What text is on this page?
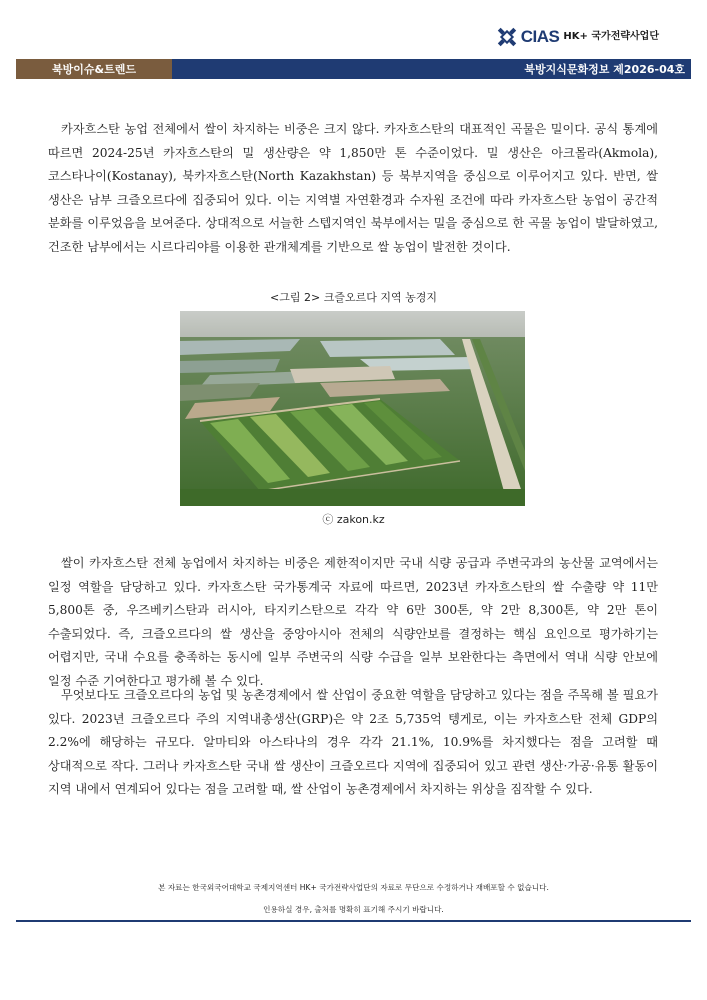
CIAS HK+ 국가전략사업단

북방이슈&트렌드	북방지식문화정보 제2026-04호

카자흐스탄 농업 전체에서 쌀이 차지하는 비중은 크지 않다. 카자흐스탄의 대표적인 곡물은 밀이다. 공식 통계에 따르면 2024-25년 카자흐스탄의 밀 생산량은 약 1,850만 톤 수준이었다. 밀 생산은 아크몰라(Akmola), 코스타나이(Kostanay), 북카자흐스탄(North Kazakhstan) 등 북부지역을 중심으로 이루어지고 있다. 반면, 쌀 생산은 남부 크즐오르다에 집중되어 있다. 이는 지역별 자연환경과 수자원 조건에 따라 카자흐스탄 농업이 공간적 분화를 이루었음을 보여준다. 상대적으로 서늘한 스텝지역인 북부에서는 밀을 중심으로 한 곡물 농업이 발달하였고, 건조한 남부에서는 시르다리야를 이용한 관개체계를 기반으로 쌀 농업이 발전한 것이다.

<그림 2> 크즐오르다 지역 농경지
ⓒ zakon.kz

쌀이 카자흐스탄 전체 농업에서 차지하는 비중은 제한적이지만 국내 식량 공급과 주변국과의 농산물 교역에서는 일정 역할을 담당하고 있다. 카자흐스탄 국가통계국 자료에 따르면, 2023년 카자흐스탄의 쌀 수출량 약 11만 5,800톤 중, 우즈베키스탄과 러시아, 타지키스탄으로 각각 약 6만 300톤, 약 2만 8,300톤, 약 2만 톤이 수출되었다. 즉, 크즐오르다의 쌀 생산을 중앙아시아 전체의 식량안보를 결정하는 핵심 요인으로 평가하기는 어렵지만, 국내 수요를 충족하는 동시에 일부 주변국의 식량 수급을 일부 보완한다는 측면에서 역내 식량 안보에 일정 수준 기여한다고 평가해 볼 수 있다.

무엇보다도 크즐오르다의 농업 및 농촌경제에서 쌀 산업이 중요한 역할을 담당하고 있다는 점을 주목해 볼 필요가 있다. 2023년 크즐오르다 주의 지역내총생산(GRP)은 약 2조 5,735억 텡게로, 이는 카자흐스탄 전체 GDP의 2.2%에 해당하는 규모다. 알마티와 아스타나의 경우 각각 21.1%, 10.9%를 차지했다는 점을 고려할 때 상대적으로 작다. 그러나 카자흐스탄 국내 쌀 생산이 크즐오르다 지역에 집중되어 있고 관련 생산·가공·유통 활동이 지역 내에서 연계되어 있다는 점을 고려할 때, 쌀 산업이 농촌경제에서 차지하는 위상을 짐작할 수 있다.

본 자료는 한국외국어대학교 국제지역센터 HK+ 국가전략사업단의 자료로 무단으로 수정하거나 재배포할 수 없습니다.
인용하실 경우, 출처를 명확히 표기해 주시기 바랍니다.
